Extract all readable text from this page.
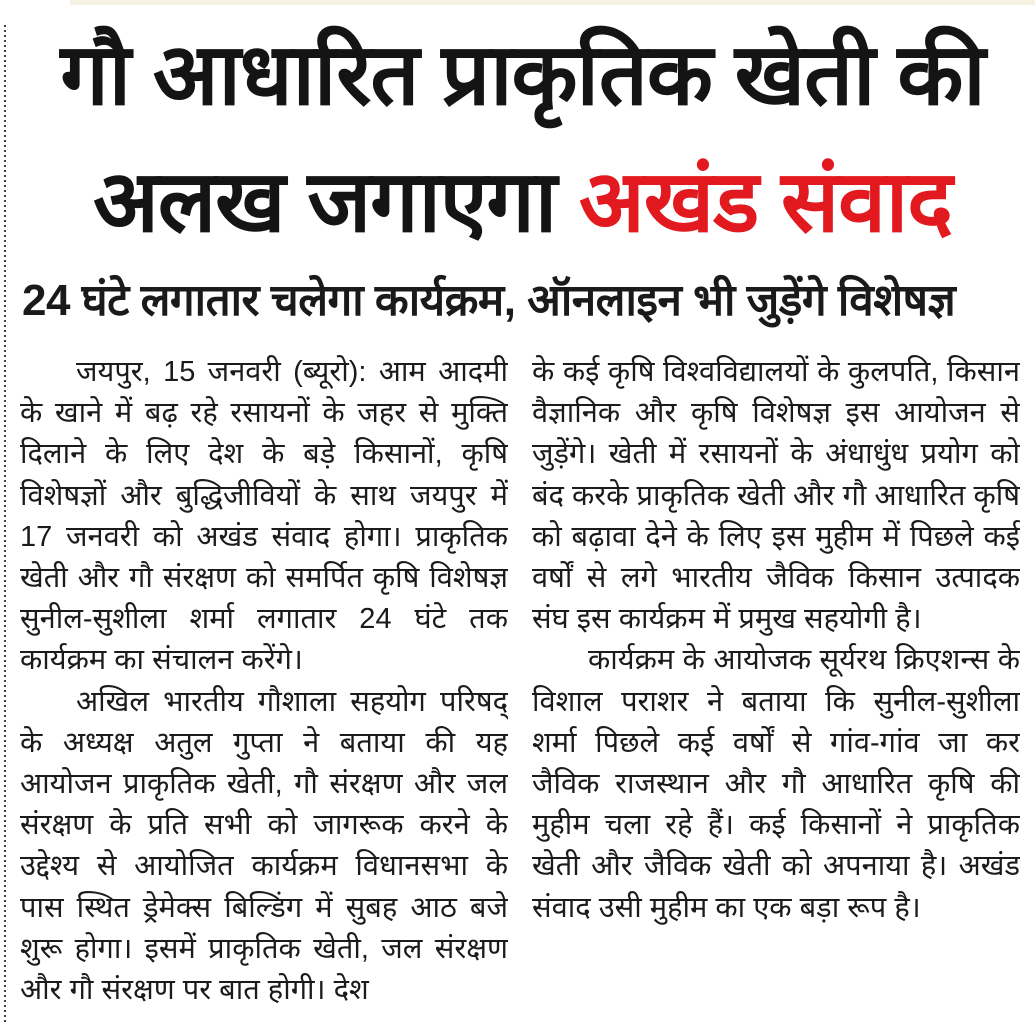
गौ आधारित प्राकृतिक खेती की
अलख जगाएगा अखंड संवाद
24 घंटे लगातार चलेगा कार्यक्रम, ऑनलाइन भी जुड़ेंगे विशेषज्ञ

जयपुर, 15 जनवरी (ब्यूरो): आम आदमी के खाने में बढ़ रहे रसायनों के जहर से मुक्ति दिलाने के लिए देश के बड़े किसानों, कृषि विशेषज्ञों और बुद्धिजीवियों के साथ जयपुर में 17 जनवरी को अखंड संवाद होगा। प्राकृतिक खेती और गौ संरक्षण को समर्पित कृषि विशेषज्ञ सुनील-सुशीला शर्मा लगातार 24 घंटे तक कार्यक्रम का संचालन करेंगे।

अखिल भारतीय गौशाला सहयोग परिषद् के अध्यक्ष अतुल गुप्ता ने बताया की यह आयोजन प्राकृतिक खेती, गौ संरक्षण और जल संरक्षण के प्रति सभी को जागरूक करने के उद्देश्य से आयोजित कार्यक्रम विधानसभा के पास स्थित ड्रेमेक्स बिल्डिंग में सुबह आठ बजे शुरू होगा। इसमें प्राकृतिक खेती, जल संरक्षण और गौ संरक्षण पर बात होगी। देश

के कई कृषि विश्वविद्यालयों के कुलपति, किसान वैज्ञानिक और कृषि विशेषज्ञ इस आयोजन से जुड़ेंगे। खेती में रसायनों के अंधाधुंध प्रयोग को बंद करके प्राकृतिक खेती और गौ आधारित कृषि को बढ़ावा देने के लिए इस मुहीम में पिछले कई वर्षों से लगे भारतीय जैविक किसान उत्पादक संघ इस कार्यक्रम में प्रमुख सहयोगी है।

कार्यक्रम के आयोजक सूर्यरथ क्रिएशन्स के विशाल पराशर ने बताया कि सुनील-सुशीला शर्मा पिछले कई वर्षों से गांव-गांव जा कर जैविक राजस्थान और गौ आधारित कृषि की मुहीम चला रहे हैं। कई किसानों ने प्राकृतिक खेती और जैविक खेती को अपनाया है। अखंड संवाद उसी मुहीम का एक बड़ा रूप है।
